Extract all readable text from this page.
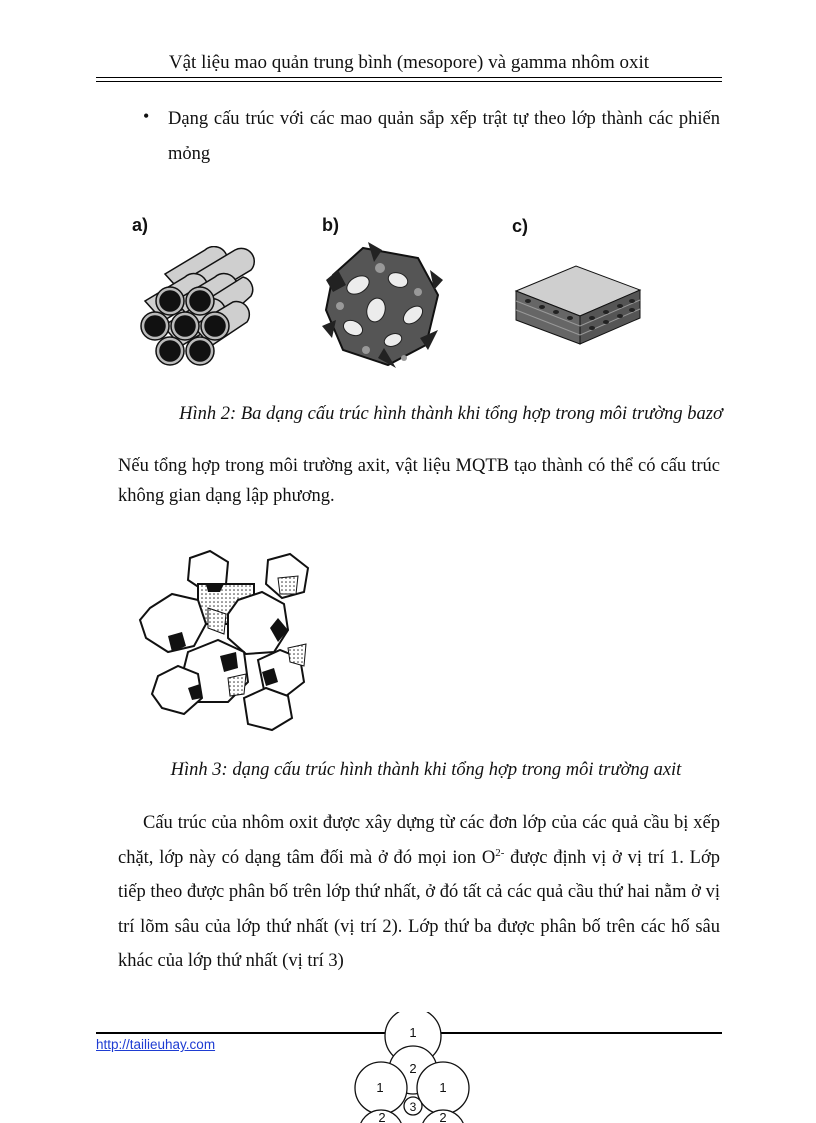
Vật liệu mao quản trung bình (mesopore) và gamma nhôm oxit
• Dạng cấu trúc với các mao quản sắp xếp trật tự theo lớp thành các phiến mỏng
a)	b)	c)
Hình 2: Ba dạng cấu trúc hình thành khi tổng hợp trong môi trường bazơ
Nếu tổng hợp trong môi trường axit, vật liệu MQTB tạo thành có thể có cấu trúc không gian dạng lập phương.
Hình 3: dạng cấu trúc hình thành khi tổng hợp trong môi trường axit
Cấu trúc của nhôm oxit được xây dựng từ các đơn lớp của các quả cầu bị xếp chặt, lớp này có dạng tâm đối mà ở đó mọi ion $O^{2-}$ được định vị ở vị trí 1. Lớp tiếp theo được phân bố trên lớp thứ nhất, ở đó tất cả các quả cầu thứ hai nằm ở vị trí lõm sâu của lớp thứ nhất (vị trí 2). Lớp thứ ba được phân bố trên các hố sâu khác của lớp thứ nhất (vị trí 3)
http://tailieuhay.com
1
2
1	1
3
2	2
